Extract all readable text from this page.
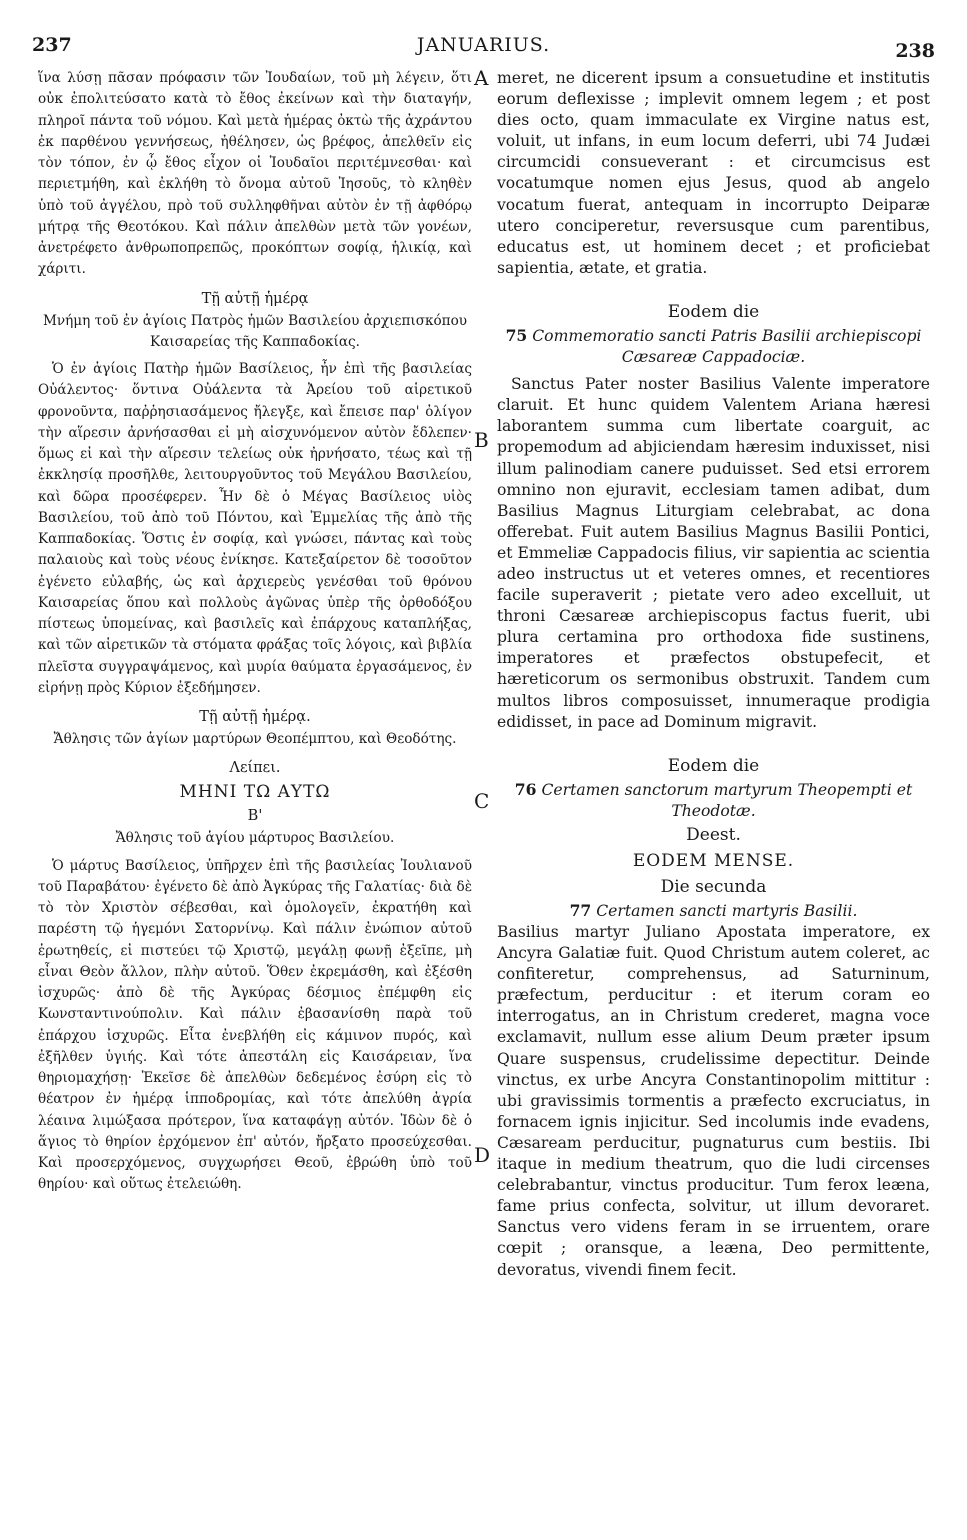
237	JANUARIUS.	238
A
B
C
D

ἵνα λύσῃ πᾶσαν πρόφασιν τῶν Ἰουδαίων, τοῦ μὴ λέγειν, ὅτι οὐκ ἐπολιτεύσατο κατὰ τὸ ἔθος ἐκείνων καὶ τὴν διαταγήν, πληροῖ πάντα τοῦ νόμου. Καὶ μετὰ ἡμέρας ὀκτὼ τῆς ἀχράντου ἐκ παρθένου γεννήσεως, ἠθέλησεν, ὡς βρέφος, ἀπελθεῖν εἰς τὸν τόπον, ἐν ᾧ ἔθος εἶχον οἱ Ἰουδαῖοι περιτέμνεσθαι· καὶ περιετμήθη, καὶ ἐκλήθη τὸ ὄνομα αὐτοῦ Ἰησοῦς, τὸ κληθὲν ὑπὸ τοῦ ἀγγέλου, πρὸ τοῦ συλληφθῆναι αὐτὸν ἐν τῇ ἀφθόρῳ μήτρᾳ τῆς Θεοτόκου. Καὶ πάλιν ἀπελθὼν μετὰ τῶν γονέων, ἀνετρέφετο ἀνθρωποπρεπῶς, προκόπτων σοφίᾳ, ἡλικίᾳ, καὶ χάριτι.

Τῇ αὐτῇ ἡμέρᾳ

Μνήμη τοῦ ἐν ἁγίοις Πατρὸς ἡμῶν Βασιλείου ἀρχιεπισκόπου Καισαρείας τῆς Καππαδοκίας.

Ὁ ἐν ἁγίοις Πατὴρ ἡμῶν Βασίλειος, ἦν ἐπὶ τῆς βασιλείας Οὐάλεντος· ὅντινα Οὐάλεντα τὰ Ἀρείου τοῦ αἱρετικοῦ φρονοῦντα, παῤῥησιασάμενος ἤλεγξε, καὶ ἔπεισε παρ' ὀλίγον τὴν αἵρεσιν ἀρνήσασθαι εἰ μὴ αἰσχυνόμενον αὐτὸν ἔδλεπεν· ὅμως εἰ καὶ τὴν αἵρεσιν τελείως οὐκ ἠρνήσατο, τέως καὶ τῇ ἐκκλησίᾳ προσῆλθε, λειτουργοῦντος τοῦ Μεγάλου Βασιλείου, καὶ δῶρα προσέφερεν. Ἦν δὲ ὁ Μέγας Βασίλειος υἱὸς Βασιλείου, τοῦ ἀπὸ τοῦ Πόντου, καὶ Ἐμμελίας τῆς ἀπὸ τῆς Καππαδοκίας. Ὅστις ἐν σοφίᾳ, καὶ γνώσει, πάντας καὶ τοὺς παλαιοὺς καὶ τοὺς νέους ἐνίκησε. Κατεξαίρετον δὲ τοσοῦτον ἐγένετο εὐλαβής, ὡς καὶ ἀρχιερεὺς γενέσθαι τοῦ θρόνου Καισαρείας ὅπου καὶ πολλοὺς ἀγῶνας ὑπὲρ τῆς ὀρθοδόξου πίστεως ὑπομείνας, καὶ βασιλεῖς καὶ ἐπάρχους καταπλήξας, καὶ τῶν αἱρετικῶν τὰ στόματα φράξας τοῖς λόγοις, καὶ βιβλία πλεῖστα συγγραψάμενος, καὶ μυρία θαύματα ἐργασάμενος, ἐν εἰρήνῃ πρὸς Κύριον ἐξεδήμησεν.

Τῇ αὐτῇ ἡμέρᾳ.

Ἄθλησις τῶν ἁγίων μαρτύρων Θεοπέμπτου, καὶ Θεοδότης.

Λείπει.

ΜΗΝΙ ΤΩ ΑΥΤΩ

Β'

Ἄθλησις τοῦ ἁγίου μάρτυρος Βασιλείου.

Ὁ μάρτυς Βασίλειος, ὑπῆρχεν ἐπὶ τῆς βασιλείας Ἰουλιανοῦ τοῦ Παραβάτου· ἐγένετο δὲ ἀπὸ Ἀγκύρας τῆς Γαλατίας· διὰ δὲ τὸ τὸν Χριστὸν σέβεσθαι, καὶ ὁμολογεῖν, ἐκρατήθη καὶ παρέστη τῷ ἡγεμόνι Σατορνίνῳ. Καὶ πάλιν ἐνώπιον αὐτοῦ ἐρωτηθείς, εἰ πιστεύει τῷ Χριστῷ, μεγάλῃ φωνῇ ἐξεῖπε, μὴ εἶναι Θεὸν ἄλλον, πλὴν αὐτοῦ. Ὅθεν ἐκρεμάσθη, καὶ ἐξέσθη ἰσχυρῶς· ἀπὸ δὲ τῆς Ἀγκύρας δέσμιος ἐπέμφθη εἰς Κωνσταντινούπολιν. Καὶ πάλιν ἐβασανίσθη παρὰ τοῦ ἐπάρχου ἰσχυρῶς. Εἶτα ἐνεβλήθη εἰς κάμινον πυρός, καὶ ἐξῆλθεν ὑγιής. Καὶ τότε ἀπεστάλη εἰς Καισάρειαν, ἵνα θηριομαχήσῃ· Ἐκεῖσε δὲ ἀπελθὼν δεδεμένος ἐσύρη εἰς τὸ θέατρον ἐν ἡμέρᾳ ἱπποδρομίας, καὶ τότε ἀπελύθη ἀγρία λέαινα λιμώξασα πρότερον, ἵνα καταφάγῃ αὐτόν. Ἰδὼν δὲ ὁ ἅγιος τὸ θηρίον ἐρχόμενον ἐπ' αὐτόν, ἤρξατο προσεύχεσθαι. Καὶ προσερχόμενος, συγχωρήσει Θεοῦ, ἐβρώθη ὑπὸ τοῦ θηρίου· καὶ οὕτως ἐτελειώθη.

meret, ne dicerent ipsum a consuetudine et institutis eorum deflexisse ; implevit omnem legem ; et post dies octo, quam immaculate ex Virgine natus est, voluit, ut infans, in eum locum deferri, ubi 74 Judæi circumcidi consueverant : et circumcisus est vocatumque nomen ejus Jesus, quod ab angelo vocatum fuerat, antequam in incorrupto Deiparæ utero conciperetur, reversusque cum parentibus, educatus est, ut hominem decet ; et proficiebat sapientia, ætate, et gratia.

Eodem die

75 Commemoratio sancti Patris Basilii archiepiscopi Cæsareæ Cappadociæ.

Sanctus Pater noster Basilius Valente imperatore claruit. Et hunc quidem Valentem Ariana hæresi laborantem summa cum libertate coarguit, ac propemodum ad abjiciendam hæresim induxisset, nisi illum palinodiam canere puduisset. Sed etsi errorem omnino non ejuravit, ecclesiam tamen adibat, dum Basilius Magnus Liturgiam celebrabat, ac dona offerebat. Fuit autem Basilius Magnus Basilii Pontici, et Emmeliæ Cappadocis filius, vir sapientia ac scientia adeo instructus ut et veteres omnes, et recentiores facile superaverit ; pietate vero adeo excelluit, ut throni Cæsareæ archiepiscopus factus fuerit, ubi plura certamina pro orthodoxa fide sustinens, imperatores et præfectos obstupefecit, et hæreticorum os sermonibus obstruxit. Tandem cum multos libros composuisset, innumeraque prodigia edidisset, in pace ad Dominum migravit.

Eodem die

76 Certamen sanctorum martyrum Theopempti et Theodotæ.

Deest.

EODEM MENSE.

Die secunda

77 Certamen sancti martyris Basilii.

Basilius martyr Juliano Apostata imperatore, ex Ancyra Galatiæ fuit. Quod Christum autem coleret, ac confiteretur, comprehensus, ad Saturninum, præfectum, perducitur : et iterum coram eo interrogatus, an in Christum crederet, magna voce exclamavit, nullum esse alium Deum præter ipsum Quare suspensus, crudelissime depectitur. Deinde vinctus, ex urbe Ancyra Constantinopolim mittitur : ubi gravissimis tormentis a præfecto excruciatus, in fornacem ignis injicitur. Sed incolumis inde evadens, Cæsaream perducitur, pugnaturus cum bestiis. Ibi itaque in medium theatrum, quo die ludi circenses celebrabantur, vinctus producitur. Tum ferox leæna, fame prius confecta, solvitur, ut illum devoraret. Sanctus vero videns feram in se irruentem, orare cœpit ; oransque, a leæna, Deo permittente, devoratus, vivendi finem fecit.
